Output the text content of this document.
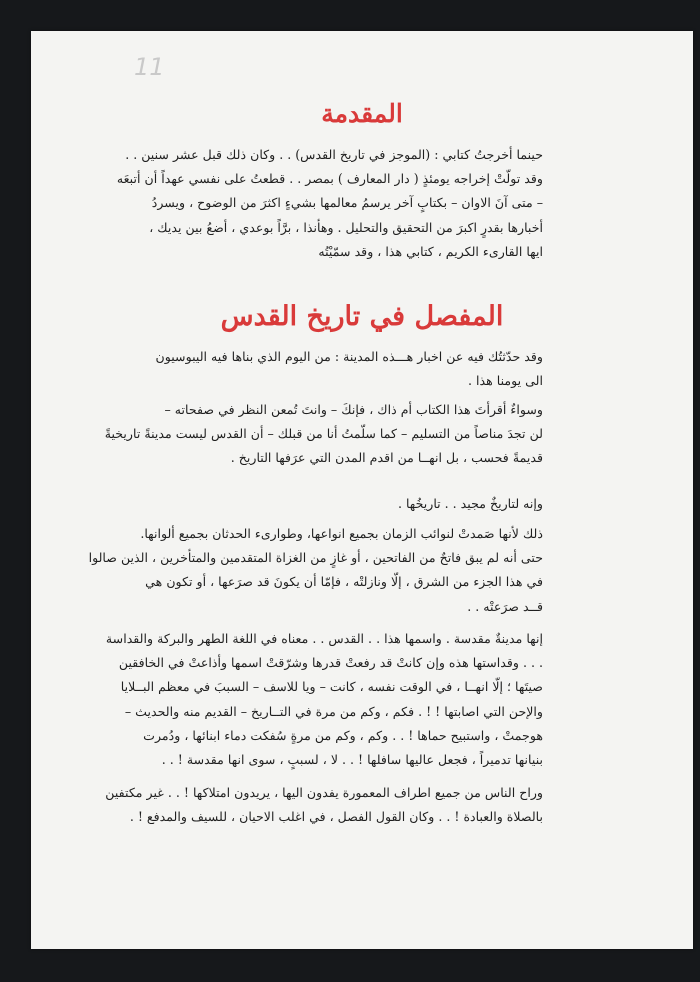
11
المقدمة
حينما أخرجتُ كتابي : (الموجز في تاريخ القدس) . . وكان ذلك قبل عشر سنين . .
وقد تولّتْ إخراجه يومئذٍ ( دار المعارف ) بمصر . . قطعتُ على نفسي عهداً أن أتبعَه
– متى آنَ الاوان – بكتابٍ آخر يرسمُ معالمها بشيءٍ اكثرَ من الوضوح ، ويسردُ
أخبارها بقدرٍ اكبرَ من التحقيق والتحليل . وهأنذا ، برَّاً بوعدي ، أضعُ بين يديك ،
ايها القارىء الكريم ، كتابي هذا ، وقد سمّيْتُه
المفصل في تاريخ القدس
وقد حدّثتُك فيه عن اخبار هـــذه المدينة : من اليوم الذي بناها فيه اليبوسيون
الى يومنا هذا .
وسواءٌ أقرأتَ هذا الكتاب أم ذاك ، فإنكَ – وانتَ تُمعن النظر في صفحاته –
لن تجدَ مناصاً من التسليم – كما سلّمتُ أنا من قبلك – أن القدس ليست مدينةً تاريخيةً
قديمةً فحسب ، بل انهــا من اقدم المدن التي عرَفها التاريخ .
وإنه لتاريخٌ مجيد . . تاريخُها .
ذلك لأنها صَمدتْ لنوائب الزمان بجميع انواعها، وطوارىء الحدثان بجميع ألوانها.
حتى أنه لم يبق فاتحٌ من الفاتحين ، أو غازٍ من الغزاة المتقدمين والمتأخرين ، الذين صالوا
في هذا الجزء من الشرق ، إلّا ونازلتْه ، فإمّا أن يكونَ قد صرَعها ، أو تكون هي
قــد صرَعتْه . .
إنها مدينةٌ مقدسة . واسمها هذا . . القدس . . معناه في اللغة الطهر والبركة والقداسة
. . . وقداستها هذه وإن كانتْ قد رفعتْ قدرها وشرّقتْ اسمها وأذاعتْ في الخافقين
صيتَها ؛ إلّا انهــا ، في الوقت نفسه ، كانت – ويا للاسف – السببَ في معظم البــلايا
والإحن التي اصابتها ! ! . فكم ، وكم من مرة في التــاريخ – القديم منه والحديث –
هوجمتْ ، واستبيح حماها ! . . وكم ، وكم من مرةٍ سُفكت دماء ابنائها ، ودُمرت
بنيانها تدميراً ، فجعل عاليها سافلها ! . . لا ، لسببٍ ، سوى انها مقدسة ! . .
وراح الناس من جميع اطراف المعمورة يفدون اليها ، يريدون امتلاكها ! . . غير مكتفين
بالصلاة والعبادة ! . . وكان القول الفصل ، في اغلب الاحيان ، للسيف والمدفع ! .
